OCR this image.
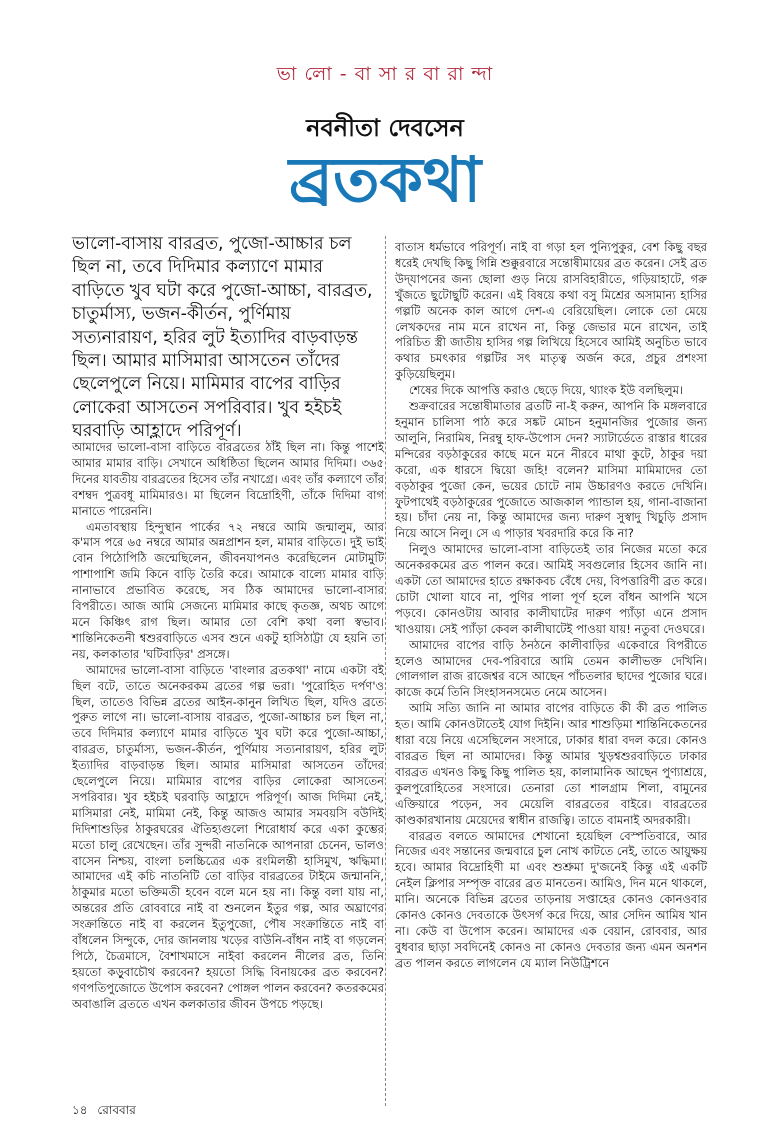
ভা লো - বা সা র বা রা ন্দা
নবনীতা দেবসেন
ব্রতকথা

ভালো-বাসায় বারব্রত, পুজো-আচ্চার চল ছিল না, তবে দিদিমার কল্যাণে মামার বাড়িতে খুব ঘটা করে পুজো-আচ্চা, বারব্রত, চাতুর্মাস্য, ভজন-কীর্তন, পুর্ণিমায় সত্যনারায়ণ, হরির লুট ইত্যাদির বাড়বাড়ন্ত ছিল। আমার মাসিমারা আসতেন তাঁদের ছেলেপুলে নিয়ে। মামিমার বাপের বাড়ির লোকেরা আসতেন সপরিবার। খুব হইচই ঘরবাড়ি আহ্লাদে পরিপূর্ণ।

আমাদের ভালো-বাসা বাড়িতে বারব্রতের ঠাঁই ছিল না। কিন্তু পাশেই আমার মামার বাড়ি। সেখানে অধিষ্ঠিতা ছিলেন আমার দিদিমা। ৩৬৫ দিনের যাবতীয় বারব্রতের হিসেব তাঁর নখাগ্রে। এবং তাঁর কল্যাণে তাঁর বশম্বদ পুত্রবধূ মামিমারও। মা ছিলেন বিদ্রোহিণী, তাঁকে দিদিমা বাগ মানাতে পারেননি।

এমতাবস্থায় হিন্দুস্থান পার্কের ৭২ নম্বরে আমি জন্মালুম, আর ক'মাস পরে ৬৫ নম্বরে আমার অন্নপ্রাশন হল, মামার বাড়িতে। দুই ভাই বোন পিঠোপিঠি জন্মেছিলেন, জীবনযাপনও করেছিলেন মোটামুটি পাশাপাশি জমি কিনে বাড়ি তৈরি করে। আমাকে বাল্যে মামার বাড়ি নানাভাবে প্রভাবিত করেছে, সব ঠিক আমাদের ভালো-বাসার বিপরীতে। আজ আমি সেজন্যে মামিমার কাছে কৃতজ্ঞ, অথচ আগে মনে কিঞ্চিৎ রাগ ছিল। আমার তো বেশি কথা বলা স্বভাব। শান্তিনিকেতনী শ্বশুরবাড়িতে এসব শুনে একটু হাসিঠাট্টা যে হয়নি তা নয়, কলকাতার 'ঘটিবাড়ির' প্রসঙ্গে।

আমাদের ভালো-বাসা বাড়িতে 'বাংলার ব্রতকথা' নামে একটা বই ছিল বটে, তাতে অনেকরকম ব্রতের গল্প ভরা। 'পুরোহিত দর্পণ'ও ছিল, তাতেও বিভিন্ন ব্রতের আইন-কানুন লিখিত ছিল, যদিও ব্রতে পুরুত লাগে না। ভালো-বাসায় বারব্রত, পুজো-আচ্চার চল ছিল না, তবে দিদিমার কল্যাণে মামার বাড়িতে খুব ঘটা করে পুজো-আচ্চা, বারব্রত, চাতুর্মাস্য, ভজন-কীর্তন, পুর্ণিমায় সত্যনারায়ণ, হরির লুট ইত্যাদির বাড়বাড়ন্ত ছিল। আমার মাসিমারা আসতেন তাঁদের ছেলেপুলে নিয়ে। মামিমার বাপের বাড়ির লোকেরা আসতেন সপরিবার। খুব হইচই ঘরবাড়ি আহ্লাদে পরিপূর্ণ। আজ দিদিমা নেই, মাসিমারা নেই, মামিমা নেই, কিন্তু আজও আমার সমবয়সি বউদিই দিদিশাশুড়ির ঠাকুরঘরের ঐতিহ্যগুলো শিরোধার্য করে একা কুম্ভের মতো চালু রেখেছেন। তাঁর সুন্দরী নাতনিকে আপনারা চেনেন, ভালও বাসেন নিশ্চয়, বাংলা চলচ্চিত্রের এক রংমিলন্তী হাসিমুখ, ঋদ্ধিমা। আমাদের এই কচি নাতনিটি তো বাড়ির বারব্রতের টাইমে জন্মাননি, ঠাকুমার মতো ভক্তিমতী হবেন বলে মনে হয় না। কিন্তু বলা যায় না, অন্তরের প্রতি রোববারে নাই বা শুনলেন ইতুর গল্প, আর অঘ্রাণের সংক্রান্তিতে নাই বা করলেন ইতুপুজো, পৌষ সংক্রান্তিতে নাই বা বাঁধলেন সিন্দুকে, দোর জানলায় খড়ের বাউনি-বাঁধন নাই বা গড়লেন পিঠে, চৈত্রমাসে, বৈশাখমাসে নাইবা করলেন নীলের ব্রত, তিনি হয়তো কড়ুবাচৌথ করবেন? হয়তো সিদ্ধি বিনায়কের ব্রত করবেন? গণপতিপুজোতে উপোস করবেন? পোঙ্গল পালন করবেন? কতরকমের অবাঙালি ব্রততে এখন কলকাতার জীবন উপচে পড়ছে।

বাতাস ধর্মভাবে পরিপূর্ণ। নাই বা গড়া হল পুন্যিপুকুর, বেশ কিছু বছর ধরেই দেখছি কিছু গিন্নি শুক্কুরবারে সন্তোষীমায়ের ব্রত করেন। সেই ব্রত উদ্‌যাপনের জন্য ছোলা গুড় নিয়ে রাসবিহারীতে, গড়িয়াহাটে, গরু খুঁজতে ছুটোছুটি করেন। এই বিষয়ে কথা বসু মিশ্রের অসামান্য হাসির গল্পটি অনেক কাল আগে দেশ-এ বেরিয়েছিল। লোকে তো মেয়ে লেখকদের নাম মনে রাখেন না, কিন্তু জেভার মনে রাখেন, তাই পরিচিত স্ত্রী জাতীয় হাসির গল্প লিখিয়ে হিসেবে আমিই অনুচিত ভাবে কথার চমৎকার গল্পটির সৎ মাতৃত্ব অর্জন করে, প্রচুর প্রশংসা কুড়িয়েছিলুম।

শেষের দিকে আপত্তি করাও ছেড়ে দিয়ে, থ্যাংক ইউ বলছিলুম।

শুক্রবারের সন্তোষীমাতার ব্রতটি না-ই করুন, আপনি কি মঙ্গলবারে হনুমান চালিসা পাঠ করে সঙ্কট মোচন হনুমানজির পুজোর জন্য আলুনি, নিরামিষ, নিরম্বু হাফ-উপোস দেন? স্যাটার্ডেতে রাস্তার ধারের মন্দিরের বড়ঠাকুরের কাছে মনে মনে নীরবে মাথা কুটে, ঠাকুর দয়া করো, এক ধারসে দ্বিয়ো জহি! বলেন? মাসিমা মামিমাদের তো বড়ঠাকুর পুজো কেন, ভয়ের চোটে নাম উচ্চারণও করতে দেখিনি। ফুটপাথেই বড়ঠাকুরের পুজোতে আজকাল প্যান্ডাল হয়, গানা-বাজানা হয়। চাঁদা নেয় না, কিন্তু আমাদের জন্য দারুণ সুস্বাদু খিচুড়ি প্রসাদ নিয়ে আসে নিলু। সে এ পাড়ার খবরদারি করে কি না?

নিলুও আমাদের ভালো-বাসা বাড়িতেই তার নিজের মতো করে অনেকরকমের ব্রত পালন করে। আমিই সবগুলোর হিসেব জানি না। একটা তো আমাদের হাতে রক্ষাকবচ বেঁধে দেয়, বিপত্তারিণী ব্রত করে। চোটা খোলা যাবে না, পুণির পালা পূর্ণ হলে বাঁধন আপনি খসে পড়বে। কোনওটায় আবার কালীঘাটের দারুণ প্যাঁড়া এনে প্রসাদ খাওয়ায়। সেই প্যাঁড়া কেবল কালীঘাটেই পাওয়া যায়! নতুবা দেওঘরে।

আমাদের বাপের বাড়ি ঠনঠনে কালীবাড়ির একেবারে বিপরীতে হলেও আমাদের দেব-পরিবারে আমি তেমন কালীভক্ত দেখিনি। গোলগাল রাজ রাজেশ্বর বসে আছেন পাঁচতলার ছাদের পুজোর ঘরে। কাজে কর্মে তিনি সিংহাসনসমেত নেমে আসেন।

আমি সত্যি জানি না আমার বাপের বাড়িতে কী কী ব্রত পালিত হত। আমি কোনওটাতেই যোগ দিইনি। আর শাশুড়িমা শান্তিনিকেতনের ধারা বয়ে নিয়ে এসেছিলেন সংসারে, ঢাকার ধারা বদল করে। কোনও বারব্রত ছিল না আমাদের। কিন্তু আমার খুড়শ্বশুরবাড়িতে ঢাকার বারব্রত এখনও কিছু কিছু পালিত হয়, কালামানিক আছেন পুণ্যাশ্রয়ে, কুলপুরোহিতের সংসারে। তেনারা তো শালগ্রাম শিলা, বামুনের এক্তিয়ারে পড়েন, সব মেয়েলি বারব্রতের বাইরে। বারব্রতের কাণ্ডকারখানায় মেয়েদের স্বাধীন রাজত্বি। তাতে বামনাই অদরকারী।

বারব্রত বলতে আমাদের শেখানো হয়েছিল বেস্পতিবারে, আর নিজের এবং সন্তানের জন্মবারে চুল নোখ কাটতে নেই, তাতে আয়ুক্ষয় হবে। আমার বিদ্রোহিণী মা এবং শুশ্রুমা দু'জনেই কিন্তু এই একটি নেইল ক্লিপার সম্পৃক্ত বারের ব্রত মানতেন। আমিও, দিন মনে থাকলে, মানি। অনেকে বিভিন্ন ব্রতের তাড়নায় সপ্তাহের কোনও কোনওবার কোনও কোনও দেবতাকে উৎসর্গ করে দিয়ে, আর সেদিন আমিষ খান না। কেউ বা উপোস করেন। আমাদের এক বেয়ান, রোববার, আর বুধবার ছাড়া সবদিনেই কোনও না কোনও দেবতার জন্য এমন অনশন ব্রত পালন করতে লাগলেন যে ম্যাল নিউট্রিশনে

১৪ রোববার
